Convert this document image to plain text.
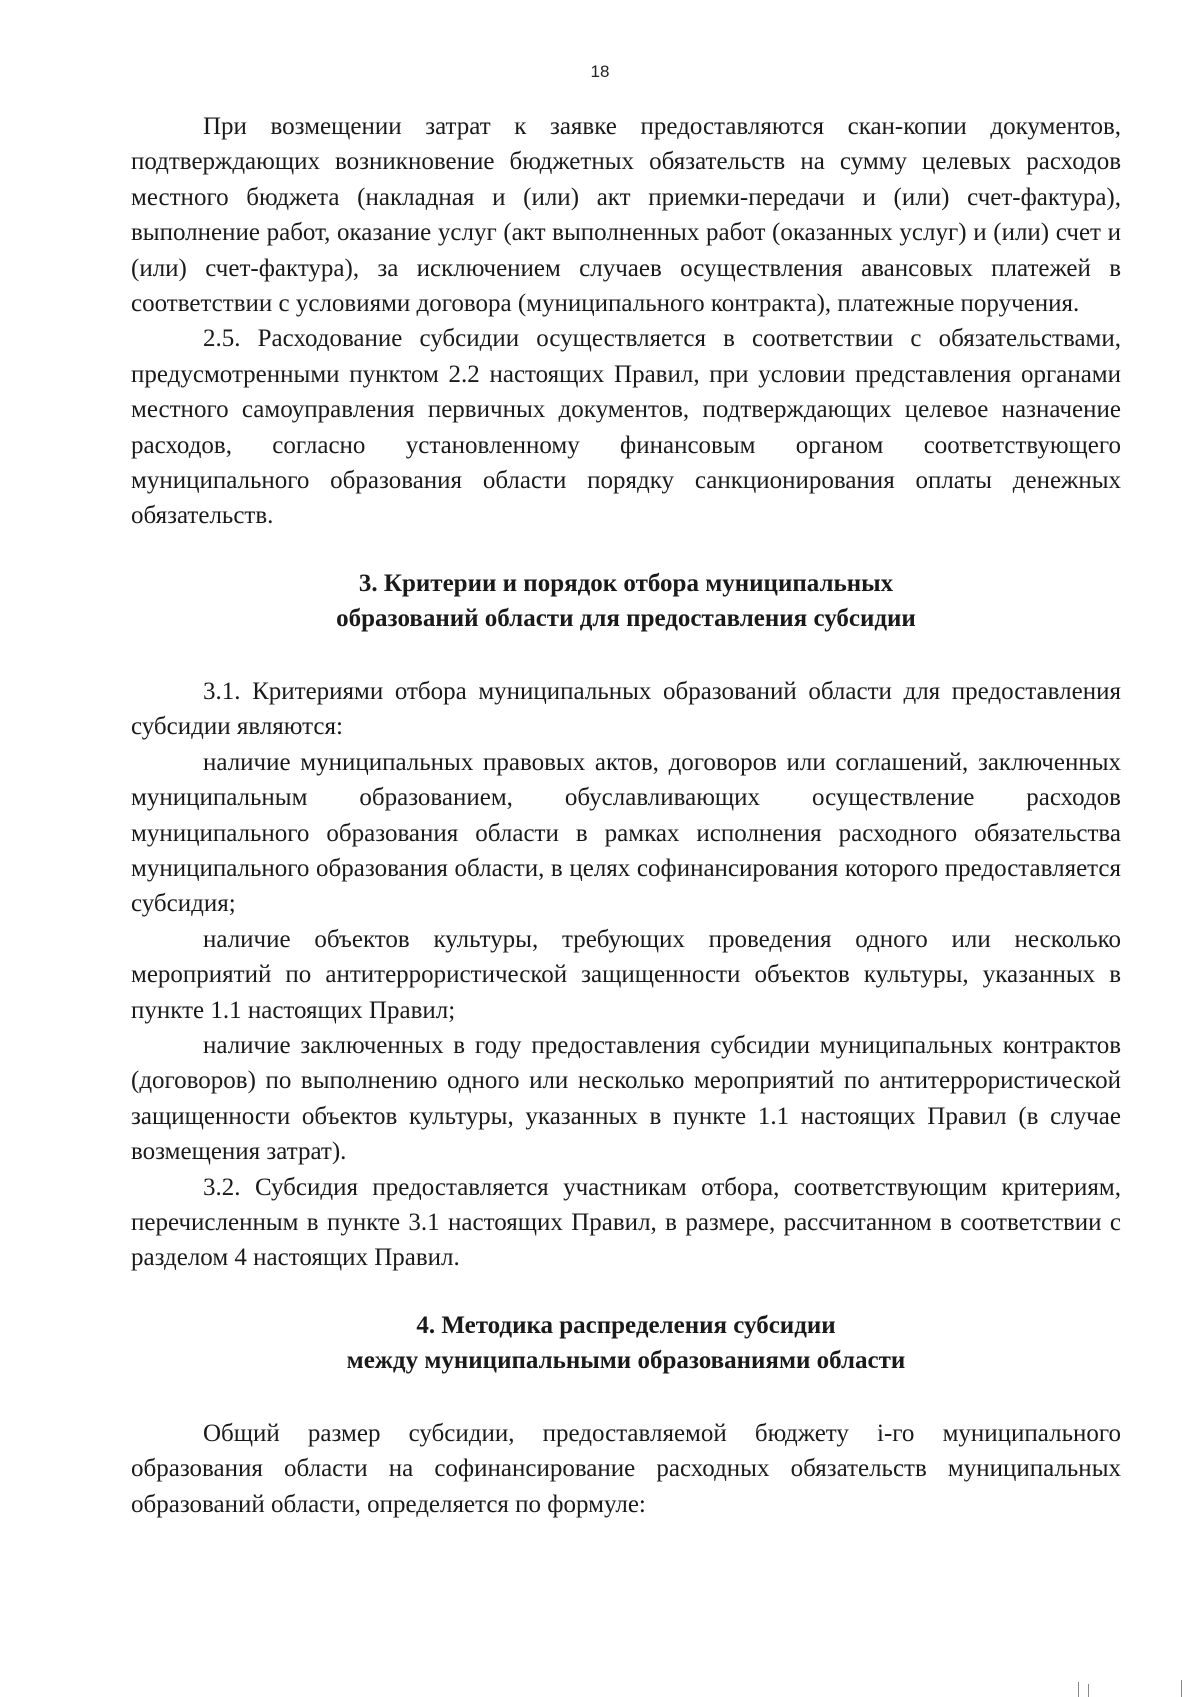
18

При возмещении затрат к заявке предоставляются скан-копии документов, подтверждающих возникновение бюджетных обязательств на сумму целевых расходов местного бюджета (накладная и (или) акт приемки-передачи и (или) счет-фактура), выполнение работ, оказание услуг (акт выполненных работ (оказанных услуг) и (или) счет и (или) счет-фактура), за исключением случаев осуществления авансовых платежей в соответствии с условиями договора (муниципального контракта), платежные поручения.

2.5. Расходование субсидии осуществляется в соответствии с обязательствами, предусмотренными пунктом 2.2 настоящих Правил, при условии представления органами местного самоуправления первичных документов, подтверждающих целевое назначение расходов, согласно установленному финансовым органом соответствующего муниципального образования области порядку санкционирования оплаты денежных обязательств.

3. Критерии и порядок отбора муниципальных
образований области для предоставления субсидии

3.1. Критериями отбора муниципальных образований области для предоставления субсидии являются:

наличие муниципальных правовых актов, договоров или соглашений, заключенных муниципальным образованием, обуславливающих осуществление расходов муниципального образования области в рамках исполнения расходного обязательства муниципального образования области, в целях софинансирования которого предоставляется субсидия;

наличие объектов культуры, требующих проведения одного или несколько мероприятий по антитеррористической защищенности объектов культуры, указанных в пункте 1.1 настоящих Правил;

наличие заключенных в году предоставления субсидии муниципальных контрактов (договоров) по выполнению одного или несколько мероприятий по антитеррористической защищенности объектов культуры, указанных в пункте 1.1 настоящих Правил (в случае возмещения затрат).

3.2. Субсидия предоставляется участникам отбора, соответствующим критериям, перечисленным в пункте 3.1 настоящих Правил, в размере, рассчитанном в соответствии с разделом 4 настоящих Правил.

4. Методика распределения субсидии
между муниципальными образованиями области

Общий размер субсидии, предоставляемой бюджету i-го муниципального образования области на софинансирование расходных обязательств муниципальных образований области, определяется по формуле:
